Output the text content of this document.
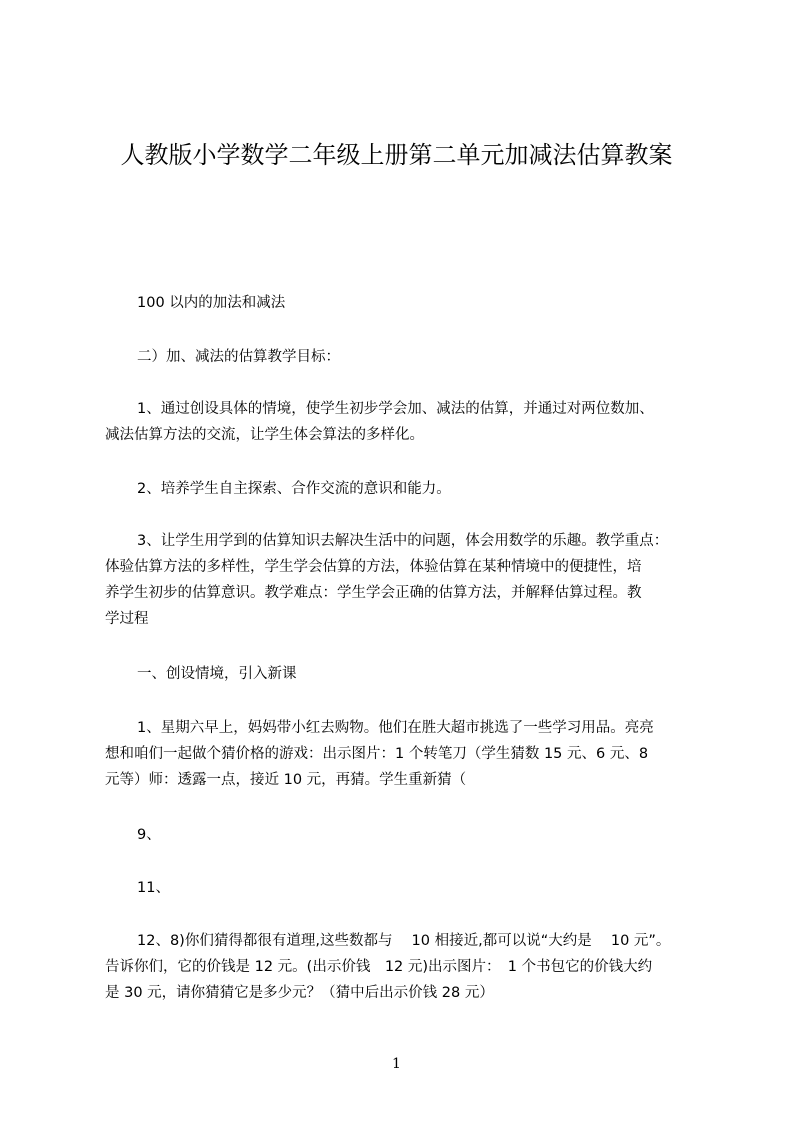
人教版小学数学二年级上册第二单元加减法估算教案
100 以内的加法和减法
二）加、减法的估算教学目标：
1、通过创设具体的情境，使学生初步学会加、减法的估算，并通过对两位数加、
减法估算方法的交流，让学生体会算法的多样化。
2、培养学生自主探索、合作交流的意识和能力。
3、让学生用学到的估算知识去解决生活中的问题，体会用数学的乐趣。教学重点：
体验估算方法的多样性，学生学会估算的方法，体验估算在某种情境中的便捷性，培
养学生初步的估算意识。教学难点：学生学会正确的估算方法，并解释估算过程。教
学过程
一、创设情境，引入新课
1、星期六早上，妈妈带小红去购物。他们在胜大超市挑选了一些学习用品。亮亮
想和咱们一起做个猜价格的游戏：出示图片：1 个转笔刀（学生猜数 15 元、6 元、8
元等）师：透露一点，接近 10 元，再猜。学生重新猜（
9、
11、
12、8)你们猜得都很有道理,这些数都与　 10 相接近,都可以说“大约是　 10 元”。
告诉你们，它的价钱是 12 元。(出示价钱　12 元)出示图片：　1 个书包它的价钱大约
是 30 元，请你猜猜它是多少元？（猜中后出示价钱 28 元）
1
